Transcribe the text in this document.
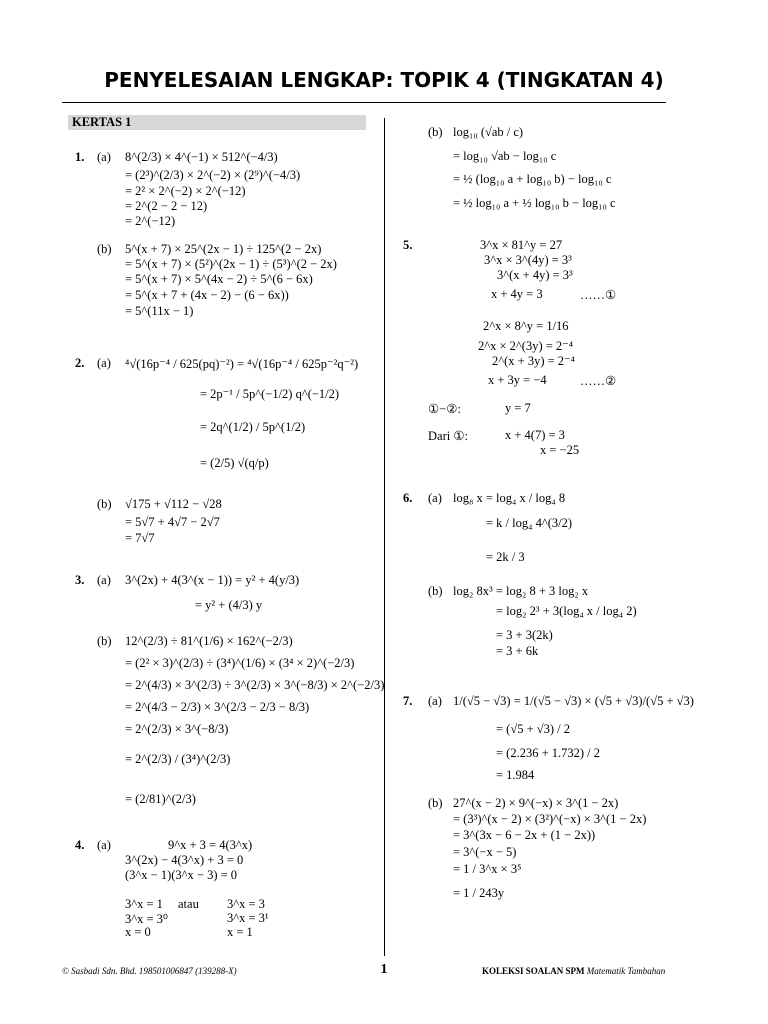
PENYELESAIAN LENGKAP: TOPIK 4 (TINGKATAN 4)
KERTAS 1
1. (a) 8^(2/3) × 4^(−1) × 512^(−4/3)
= (2³)^(2/3) × 2^(−2) × (2⁹)^(−4/3)
= 2² × 2^(−2) × 2^(−12)
= 2^(2 − 2 − 12)
= 2^(−12)
(b) 5^(x + 7) × 25^(2x − 1) ÷ 125^(2 − 2x)
= 5^(x + 7) × (5²)^(2x − 1) ÷ (5³)^(2 − 2x)
= 5^(x + 7) × 5^(4x − 2) ÷ 5^(6 − 6x)
= 5^(x + 7 + (4x − 2) − (6 − 6x))
= 5^(11x − 1)
2. (a) ⁴√(16p⁻⁴ / 625(pq)⁻²) = ⁴√(16p⁻⁴ / 625p⁻²q⁻²)
= 2p⁻¹ / 5p^(−1/2) q^(−1/2)
= 2q^(1/2) / 5p^(1/2)
= (2/5) √(q/p)
(b) √175 + √112 − √28
= 5√7 + 4√7 − 2√7
= 7√7
3. (a) 3^(2x) + 4(3^(x − 1)) = y² + 4(y/3)
= y² + (4/3) y
(b) 12^(2/3) ÷ 81^(1/6) × 162^(−2/3)
= (2² × 3)^(2/3) ÷ (3⁴)^(1/6) × (3⁴ × 2)^(−2/3)
= 2^(4/3) × 3^(2/3) ÷ 3^(2/3) × 3^(−8/3) × 2^(−2/3)
= 2^(4/3 − 2/3) × 3^(2/3 − 2/3 − 8/3)
= 2^(2/3) × 3^(−8/3)
= 2^(2/3) / (3⁴)^(2/3)
= (2/81)^(2/3)
4. (a)	9^x + 3 = 4(3^x)
3^(2x) − 4(3^x) + 3 = 0
(3^x − 1)(3^x − 3) = 0
3^x = 1 atau 3^x = 3
3^x = 3⁰	3^x = 3¹
x = 0	x = 1
(b) log₁₀ (√ab / c)
= log₁₀ √ab − log₁₀ c
= ½ (log₁₀ a + log₁₀ b) − log₁₀ c
= ½ log₁₀ a + ½ log₁₀ b − log₁₀ c
5.	3^x × 81^y = 27
3^x × 3^(4y) = 3³
3^(x + 4y) = 3³
x + 4y = 3	……①
2^x × 8^y = 1/16
2^x × 2^(3y) = 2⁻⁴
2^(x + 3y) = 2⁻⁴
x + 3y = −4	……②
①−②:	y = 7
Dari ①:	x + 4(7) = 3
x = −25
6. (a) log₈ x = log₄ x / log₄ 8
= k / log₄ 4^(3/2)
= 2k / 3
(b) log₂ 8x³ = log₂ 8 + 3 log₂ x
= log₂ 2³ + 3(log₄ x / log₄ 2)
= 3 + 3(2k)
= 3 + 6k
7. (a) 1/(√5 − √3) = 1/(√5 − √3) × (√5 + √3)/(√5 + √3)
= (√5 + √3) / 2
= (2.236 + 1.732) / 2
= 1.984
(b) 27^(x − 2) × 9^(−x) × 3^(1 − 2x)
= (3³)^(x − 2) × (3²)^(−x) × 3^(1 − 2x)
= 3^(3x − 6 − 2x + (1 − 2x))
= 3^(−x − 5)
= 1 / 3^x × 3⁵
= 1 / 243y
© Sasbadi Sdn. Bhd. 198501006847 (139288-X)	1	KOLEKSI SOALAN SPM Matematik Tambahan
